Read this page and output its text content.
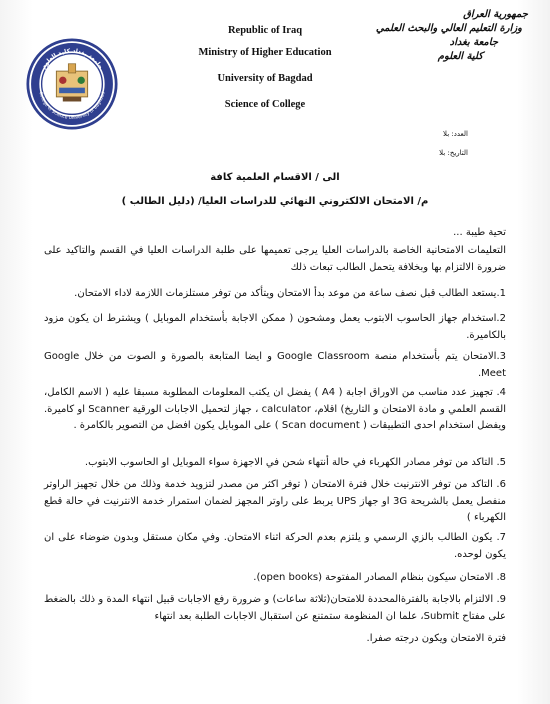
Republic of Iraq
Ministry of Higher Education
University of Bagdad
Science of College
جمهورية العراق
وزارة التعليم العالي والبحث العلمي
جامعة بغداد
كلية العلوم
جامعة بغداد كلية العلوم
College of Science University of Baghdad
العدد: بلا
التاريخ: بلا
الى / الاقسام العلمية كافة
م/ الامتحان الالكتروني النهائي للدراسات العليا/ (دليل الطالب )

تحية طيبة ...

التعليمات الامتحانية الخاصة بالدراسات العليا يرجى تعميمها على طلبة الدراسات العليا في القسم والتاكيد على ضرورة الالتزام بها وبخلافة يتحمل الطالب تبعات ذلك

1.يستعد الطالب قبل نصف ساعة من موعد بدأ الامتحان ويتأكد من توفر مستلزمات اللازمة لاداء الامتحان.

2.استخدام جهاز الحاسوب الابتوب يعمل ومشحون ( ممكن الاجابة بأستخدام الموبايل ) ويشترط ان يكون مزود بالكاميرة.

3.الامتحان يتم بأستخدام منصة Google Classroom و ايضا المتابعة بالصورة و الصوت من خلال Google Meet.

4. تجهيز عدد مناسب من الاوراق اجابة ( A4 ) يفضل ان يكتب المعلومات المطلوبة مسبقا عليه ( الاسم الكامل، القسم العلمي و مادة الامتحان و التاريخ) اقلام، calculator ، جهاز لتحميل الاجابات الورقية Scanner او كاميرة. ويفضل استخدام احدى التطبيقات ( Scan document ) على الموبايل يكون افضل من التصوير بالكامرة .

5. التاكد من توفر مصادر الكهرباء في حالة أنتهاء شحن في الاجهزة سواء الموبايل او الحاسوب الابتوب.

6. التاكد من توفر الانترنيت خلال فترة الامتحان ( توفر اكثر من مصدر لتزويد خدمة وذلك من خلال تجهيز الراوتر منفصل يعمل بالشريحة 3G او جهاز UPS يربط على راوتر المجهز لضمان استمرار خدمة الانترنيت في حالة قطع الكهرباء )

7. يكون الطالب بالزي الرسمي و يلتزم بعدم الحركة اثناء الامتحان. وفي مكان مستقل وبدون ضوضاء على ان يكون لوحده.

8. الامتحان سيكون بنظام المصادر المفتوحة (open books).

9. الالتزام بالاجابة بالفترةالمحددة للامتحان(ثلاثة ساعات) و ضرورة رفع الاجابات قبيل انتهاء المدة و ذلك بالضغط على مفتاح Submit، علما ان المنظومة ستمتنع عن استقبال الاجابات الطلبة بعد انتهاء

فترة الامتحان ويكون درجته صفرا.
